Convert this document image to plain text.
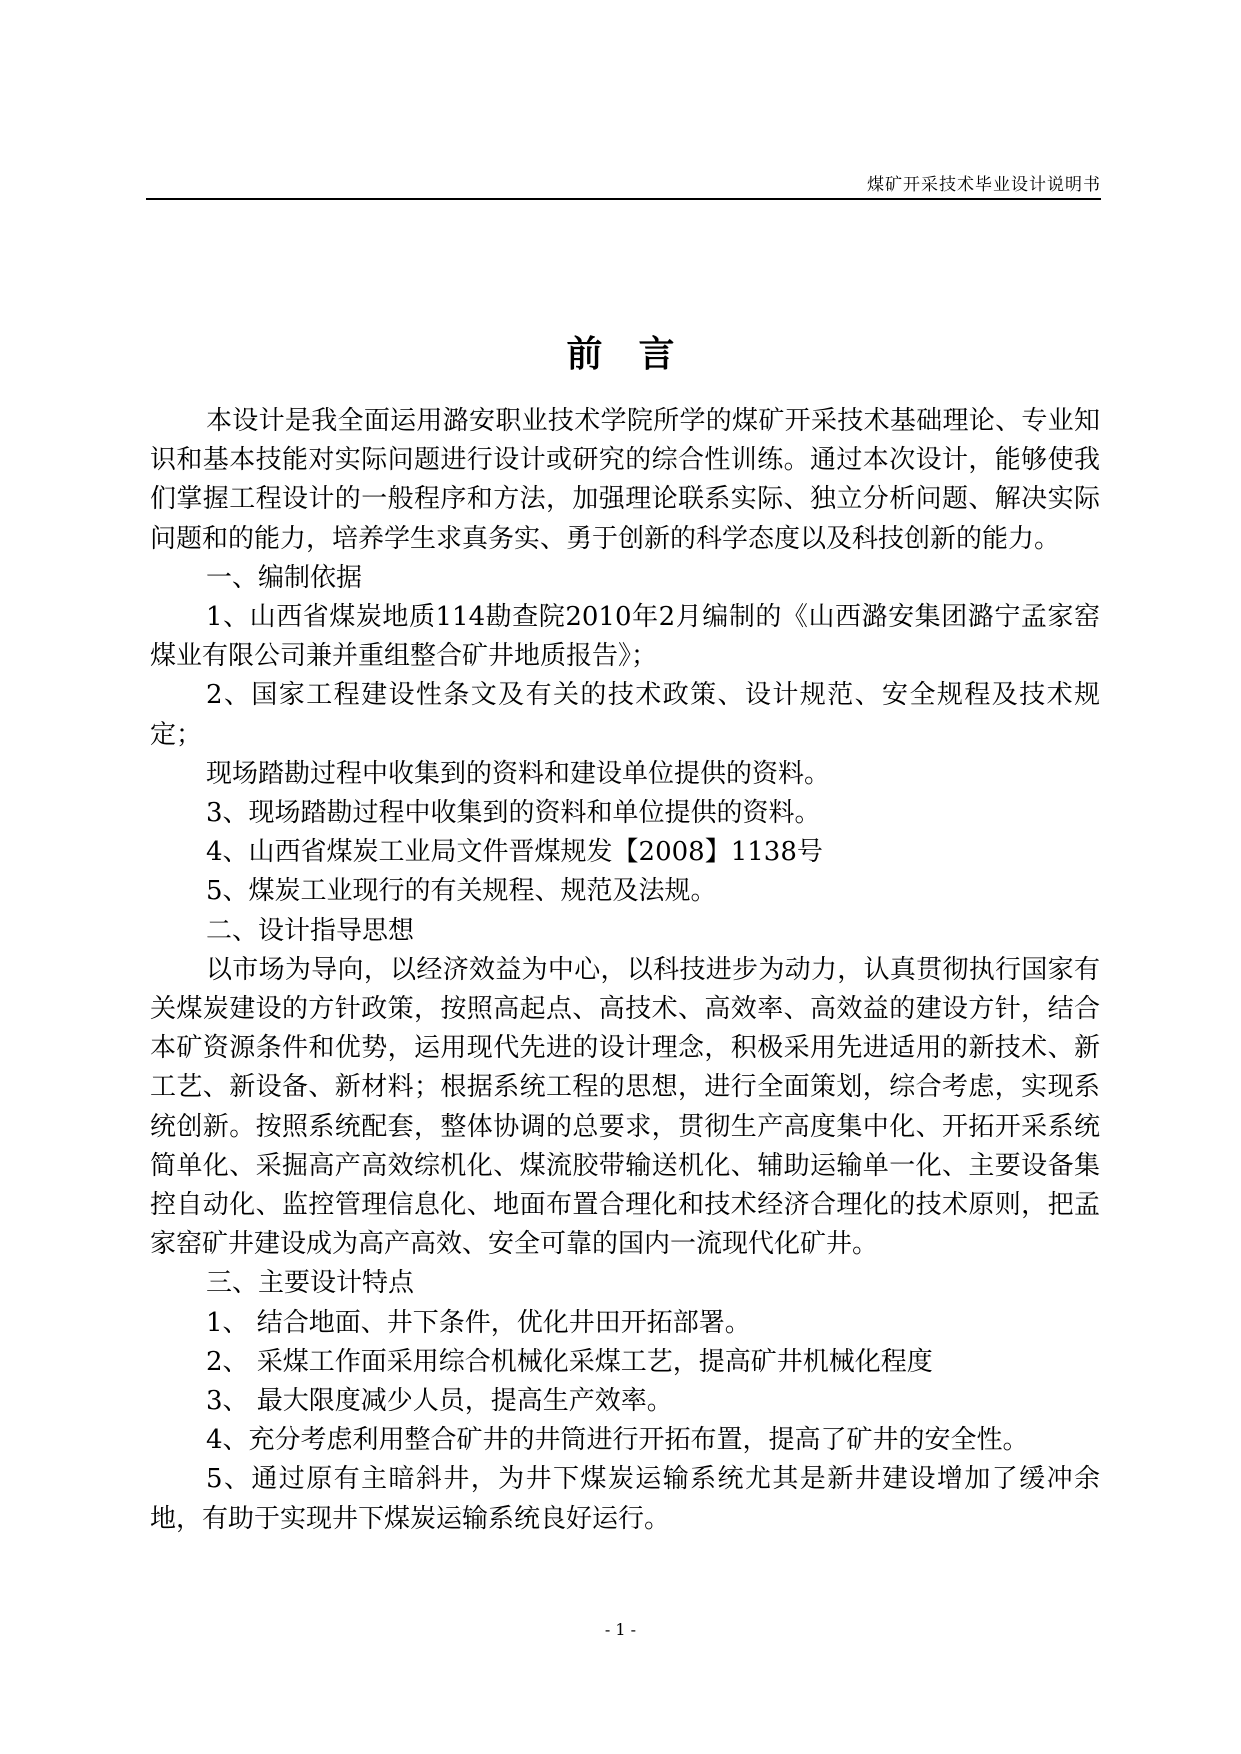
煤矿开采技术毕业设计说明书
前言

本设计是我全面运用潞安职业技术学院所学的煤矿开采技术基础理论、专业知识和基本技能对实际问题进行设计或研究的综合性训练。通过本次设计，能够使我们掌握工程设计的一般程序和方法，加强理论联系实际、独立分析问题、解决实际问题和的能力，培养学生求真务实、勇于创新的科学态度以及科技创新的能力。

一、编制依据

1、山西省煤炭地质114勘查院2010年2月编制的《山西潞安集团潞宁孟家窑煤业有限公司兼并重组整合矿井地质报告》；

2、国家工程建设性条文及有关的技术政策、设计规范、安全规程及技术规定；

现场踏勘过程中收集到的资料和建设单位提供的资料。

3、现场踏勘过程中收集到的资料和单位提供的资料。

4、山西省煤炭工业局文件晋煤规发【2008】1138号

5、煤炭工业现行的有关规程、规范及法规。

二、设计指导思想

以市场为导向，以经济效益为中心，以科技进步为动力，认真贯彻执行国家有关煤炭建设的方针政策，按照高起点、高技术、高效率、高效益的建设方针，结合本矿资源条件和优势，运用现代先进的设计理念，积极采用先进适用的新技术、新工艺、新设备、新材料；根据系统工程的思想，进行全面策划，综合考虑，实现系统创新。按照系统配套，整体协调的总要求，贯彻生产高度集中化、开拓开采系统简单化、采掘高产高效综机化、煤流胶带输送机化、辅助运输单一化、主要设备集控自动化、监控管理信息化、地面布置合理化和技术经济合理化的技术原则，把孟家窑矿井建设成为高产高效、安全可靠的国内一流现代化矿井。

三、主要设计特点

1、 结合地面、井下条件，优化井田开拓部署。

2、 采煤工作面采用综合机械化采煤工艺，提高矿井机械化程度

3、 最大限度减少人员，提高生产效率。

4、充分考虑利用整合矿井的井筒进行开拓布置，提高了矿井的安全性。

5、通过原有主暗斜井，为井下煤炭运输系统尤其是新井建设增加了缓冲余地，有助于实现井下煤炭运输系统良好运行。

- 1 -
